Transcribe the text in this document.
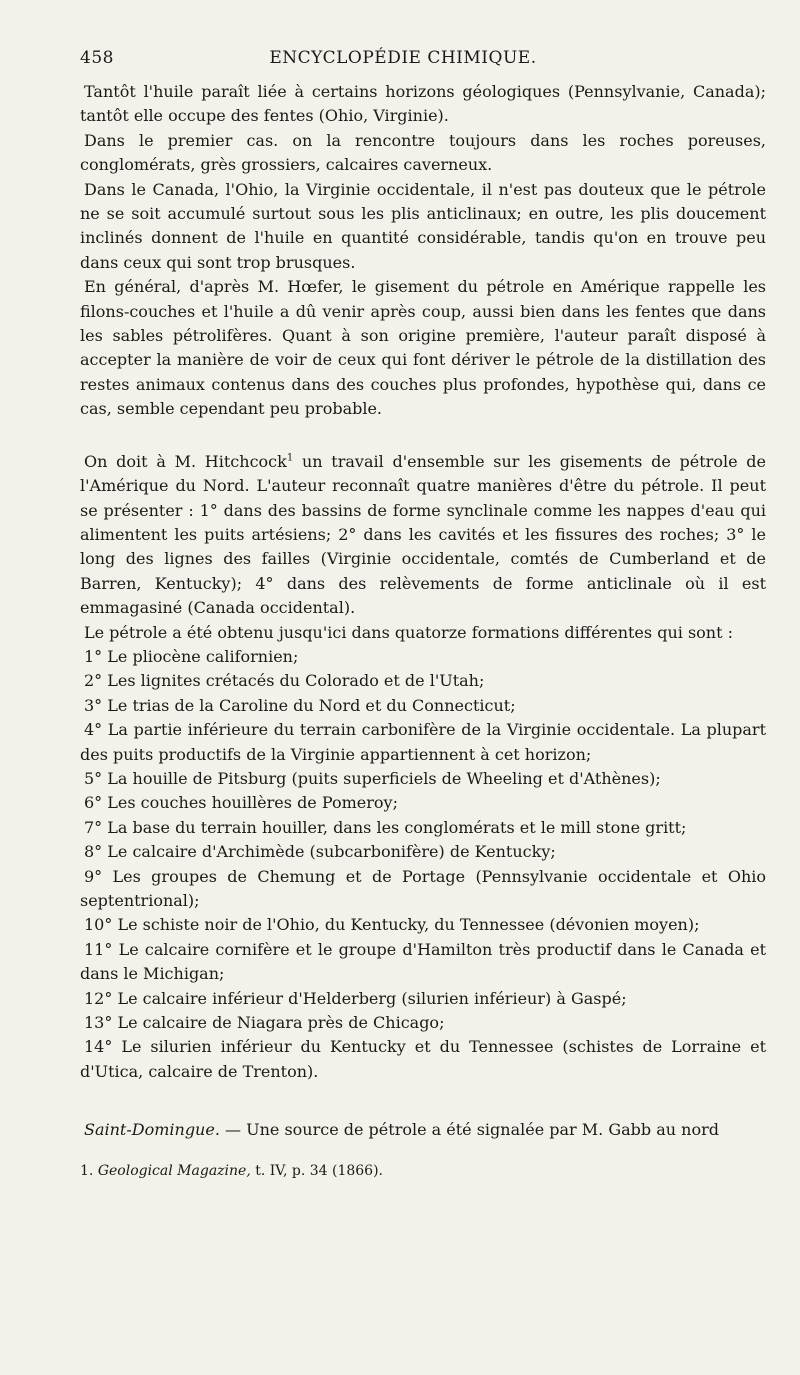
458	ENCYCLOPÉDIE CHIMIQUE.

Tantôt l'huile paraît liée à certains horizons géologiques (Pennsylvanie, Canada); tantôt elle occupe des fentes (Ohio, Virginie).

Dans le premier cas. on la rencontre toujours dans les roches poreuses, conglomérats, grès grossiers, calcaires caverneux.

Dans le Canada, l'Ohio, la Virginie occidentale, il n'est pas douteux que le pétrole ne se soit accumulé surtout sous les plis anticlinaux; en outre, les plis doucement inclinés donnent de l'huile en quantité considérable, tandis qu'on en trouve peu dans ceux qui sont trop brusques.

En général, d'après M. Hœfer, le gisement du pétrole en Amérique rappelle les filons-couches et l'huile a dû venir après coup, aussi bien dans les fentes que dans les sables pétrolifères. Quant à son origine première, l'auteur paraît disposé à accepter la manière de voir de ceux qui font dériver le pétrole de la distillation des restes animaux contenus dans des couches plus profondes, hypothèse qui, dans ce cas, semble cependant peu probable.

On doit à M. Hitchcock$^1$ un travail d'ensemble sur les gisements de pétrole de l'Amérique du Nord. L'auteur reconnaît quatre manières d'être du pétrole. Il peut se présenter : 1° dans des bassins de forme synclinale comme les nappes d'eau qui alimentent les puits artésiens; 2° dans les cavités et les fissures des roches; 3° le long des lignes des failles (Virginie occidentale, comtés de Cumberland et de Barren, Kentucky); 4° dans des relèvements de forme anticlinale où il est emmagasiné (Canada occidental).

Le pétrole a été obtenu jusqu'ici dans quatorze formations différentes qui sont :

1° Le pliocène californien;

2° Les lignites crétacés du Colorado et de l'Utah;

3° Le trias de la Caroline du Nord et du Connecticut;

4° La partie inférieure du terrain carbonifère de la Virginie occidentale. La plupart des puits productifs de la Virginie appartiennent à cet horizon;

5° La houille de Pitsburg (puits superficiels de Wheeling et d'Athènes);

6° Les couches houillères de Pomeroy;

7° La base du terrain houiller, dans les conglomérats et le mill stone gritt;

8° Le calcaire d'Archimède (subcarbonifère) de Kentucky;

9° Les groupes de Chemung et de Portage (Pennsylvanie occidentale et Ohio septentrional);

10° Le schiste noir de l'Ohio, du Kentucky, du Tennessee (dévonien moyen);

11° Le calcaire cornifère et le groupe d'Hamilton très productif dans le Canada et dans le Michigan;

12° Le calcaire inférieur d'Helderberg (silurien inférieur) à Gaspé;

13° Le calcaire de Niagara près de Chicago;

14° Le silurien inférieur du Kentucky et du Tennessee (schistes de Lorraine et d'Utica, calcaire de Trenton).

Saint-Domingue. — Une source de pétrole a été signalée par M. Gabb au nord

1. Geological Magazine, t. IV, p. 34 (1866).
